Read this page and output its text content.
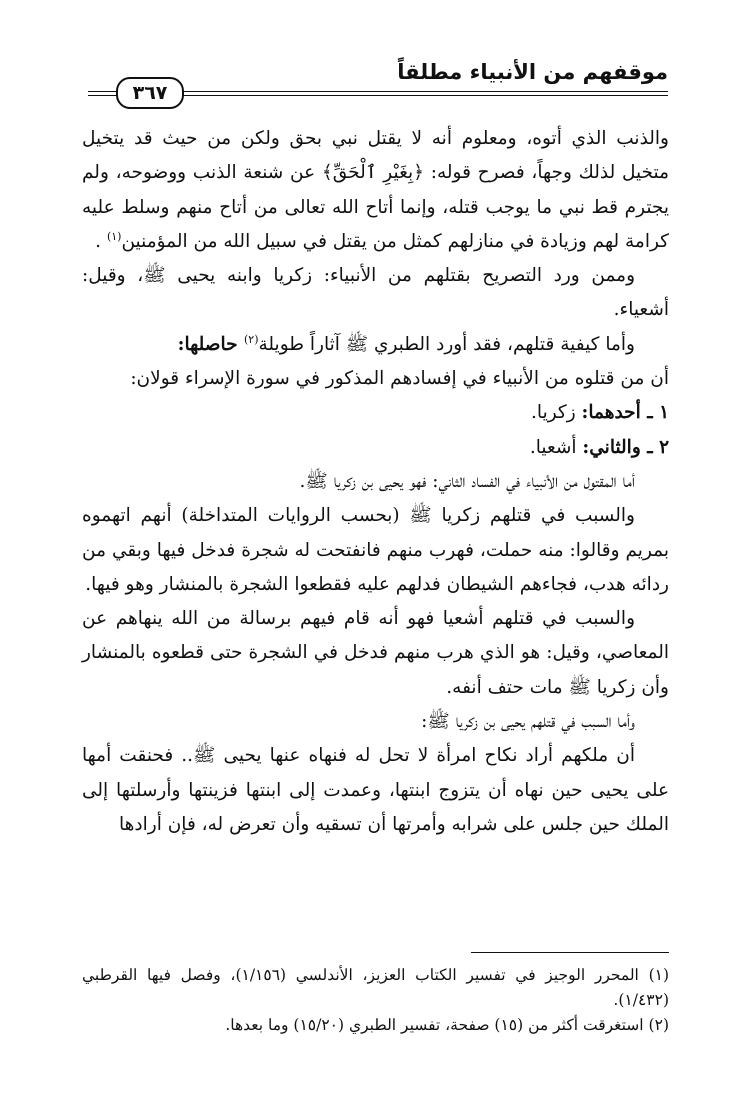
موقفهم من الأنبياء مطلقاً
٣٦٧

والذنب الذي أتوه، ومعلوم أنه لا يقتل نبي بحق ولكن من حيث قد يتخيل متخيل لذلك وجهاً، فصرح قوله: ﴿بِغَيْرِ ٱلْحَقِّ﴾ عن شنعة الذنب ووضوحه، ولم يجترم قط نبي ما يوجب قتله، وإنما أتاح الله تعالى من أتاح منهم وسلط عليه كرامة لهم وزيادة في منازلهم كمثل من يقتل في سبيل الله من المؤمنين$^{(١)}$ .

وممن ورد التصريح بقتلهم من الأنبياء: زكريا وابنه يحيى ﷺ، وقيل: أشعياء.

وأما كيفية قتلهم، فقد أورد الطبري ﷺ آثاراً طويلة$^{(٢)}$ حاصلها:

أن من قتلوه من الأنبياء في إفسادهم المذكور في سورة الإسراء قولان:

١ ـ أحدهما: زكريا.

٢ ـ والثاني: أشعيا.

أما المقتول من الأنبياء في الفساد الثاني: فهو يحيى بن زكريا ﷺ.

والسبب في قتلهم زكريا ﷺ (بحسب الروايات المتداخلة) أنهم اتهموه بمريم وقالوا: منه حملت، فهرب منهم فانفتحت له شجرة فدخل فيها وبقي من ردائه هدب، فجاءهم الشيطان فدلهم عليه فقطعوا الشجرة بالمنشار وهو فيها.

والسبب في قتلهم أشعيا فهو أنه قام فيهم برسالة من الله ينهاهم عن المعاصي، وقيل: هو الذي هرب منهم فدخل في الشجرة حتى قطعوه بالمنشار وأن زكريا ﷺ مات حتف أنفه.

وأما السبب في قتلهم يحيى بن زكريا ﷺ:

أن ملكهم أراد نكاح امرأة لا تحل له فنهاه عنها يحيى ﷺ.. فحنقت أمها على يحيى حين نهاه أن يتزوج ابنتها، وعمدت إلى ابنتها فزينتها وأرسلتها إلى الملك حين جلس على شرابه وأمرتها أن تسقيه وأن تعرض له، فإن أرادها

(١) المحرر الوجيز في تفسير الكتاب العزيز، الأندلسي (١/١٥٦)، وفصل فيها القرطبي (١/٤٣٢).

(٢) استغرقت أكثر من (١٥) صفحة، تفسير الطبري (١٥/٢٠) وما بعدها.
